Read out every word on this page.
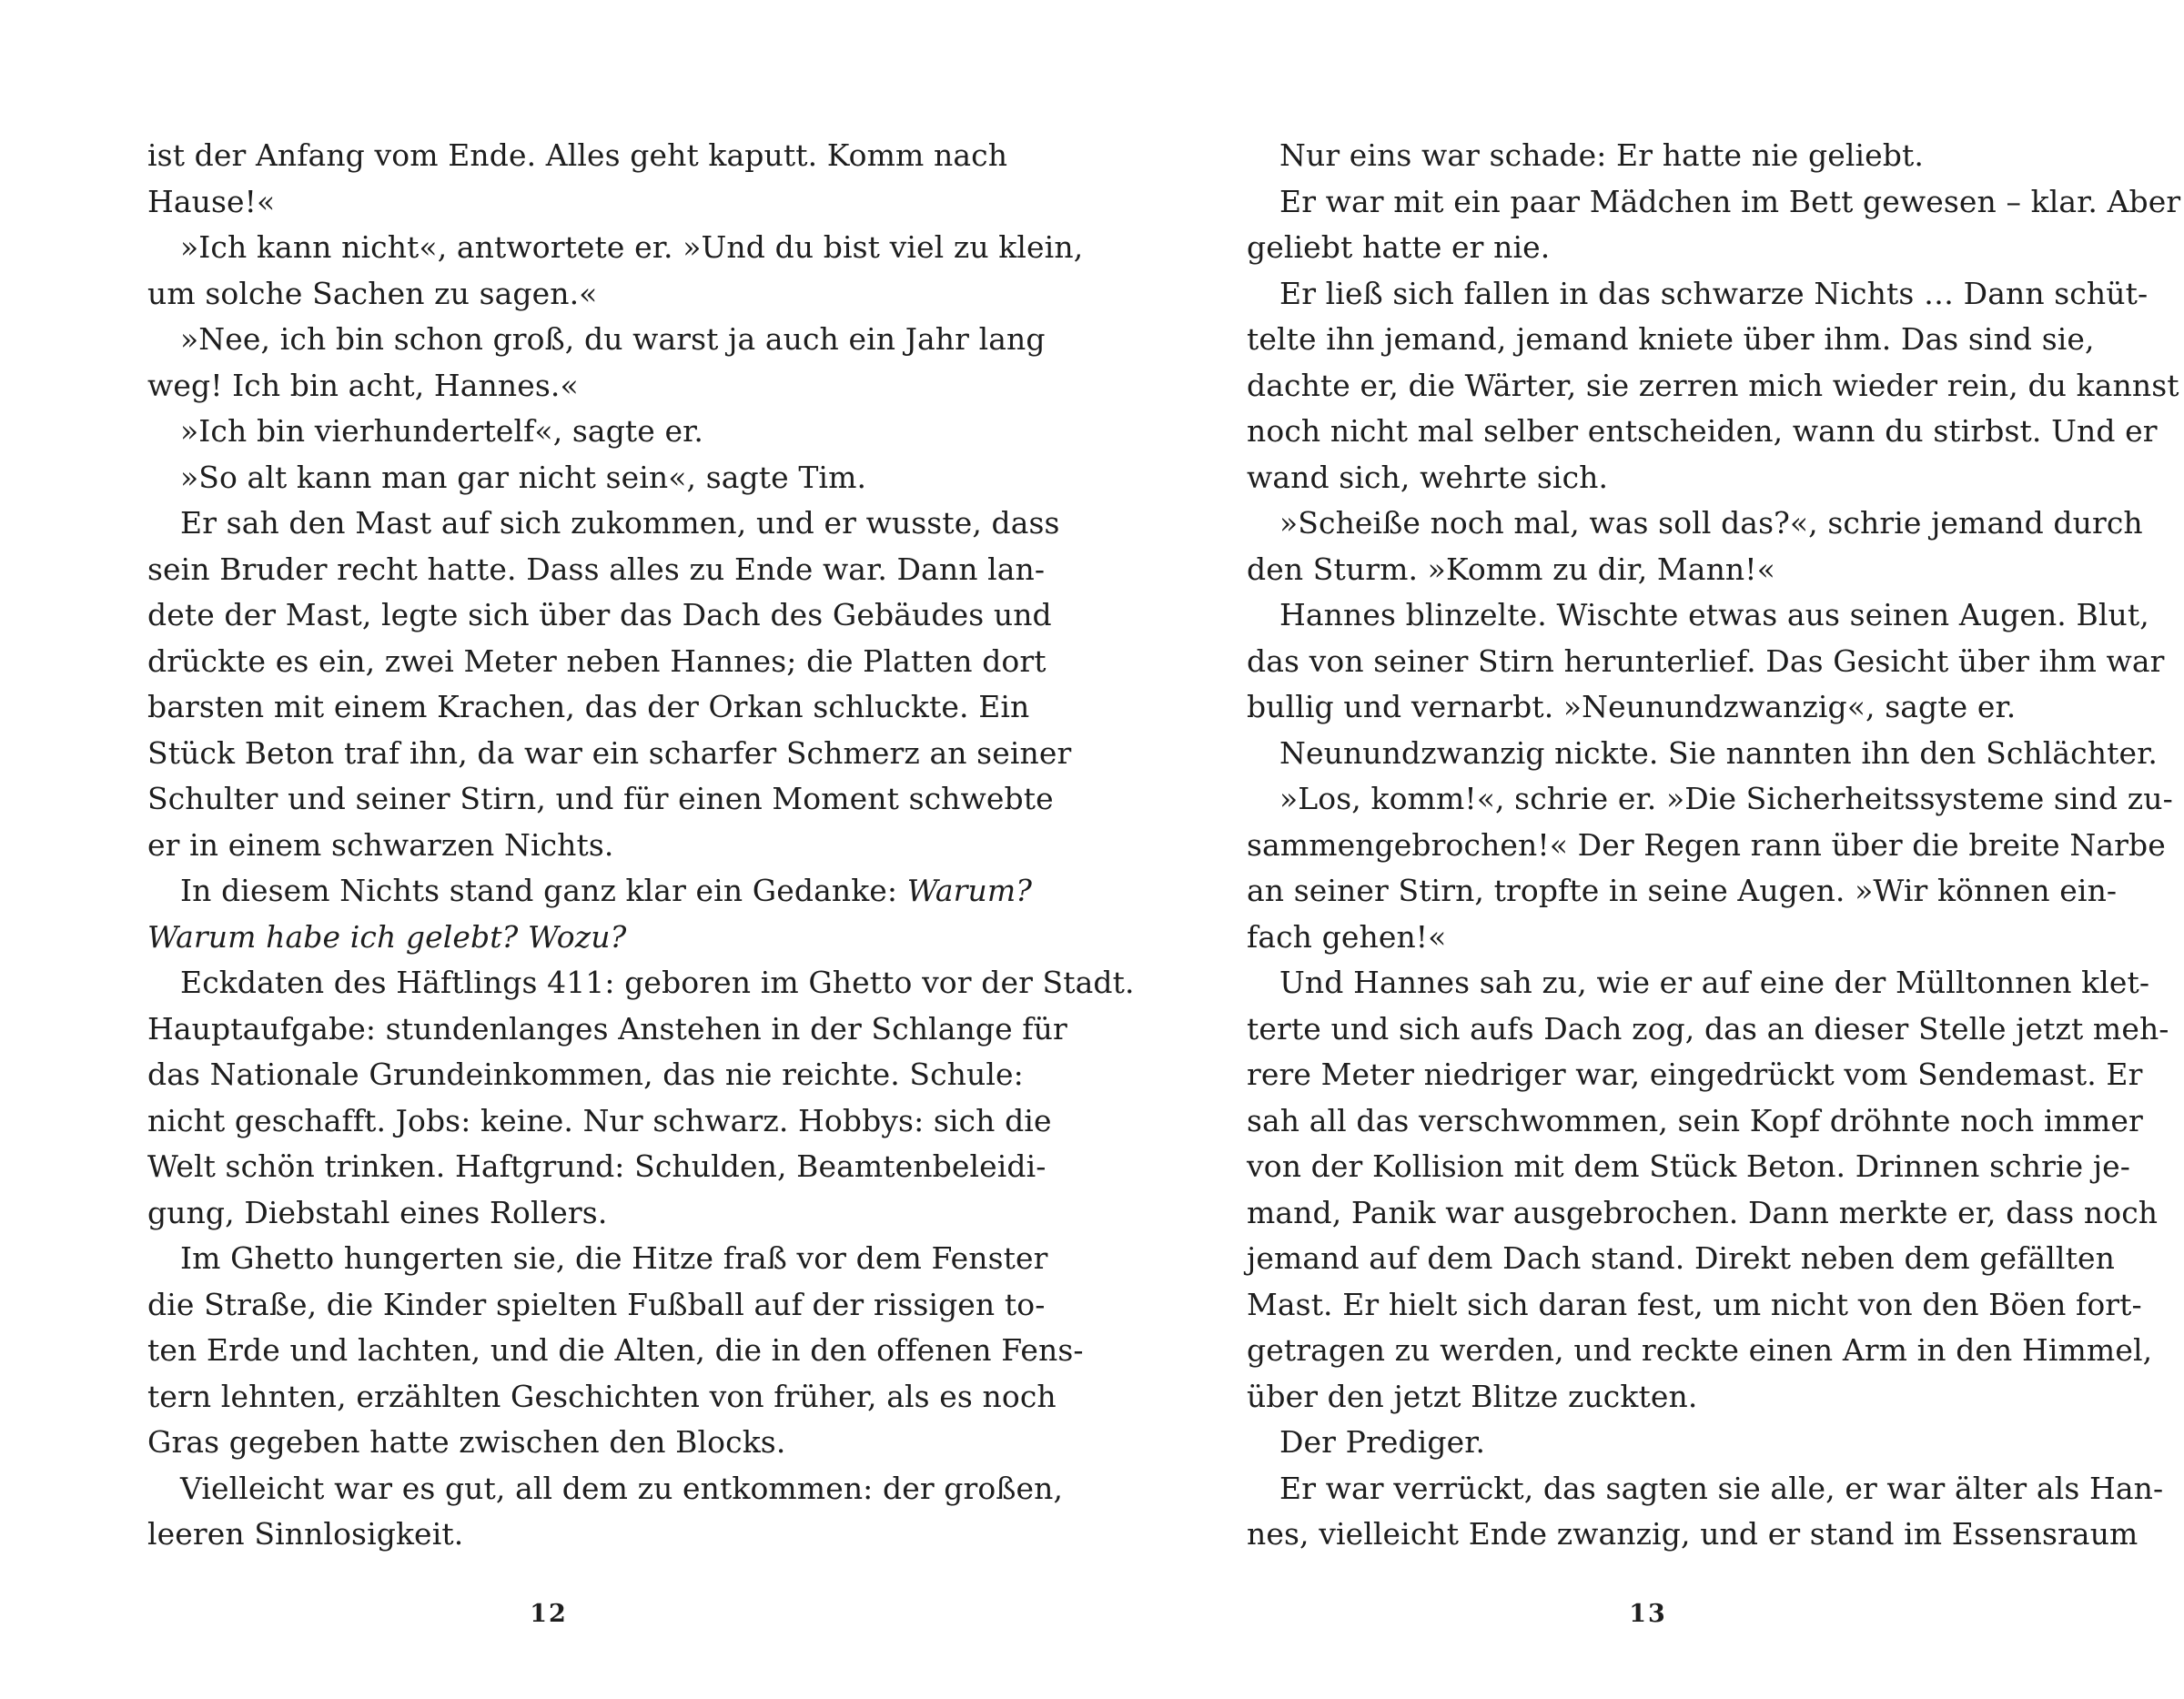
ist der Anfang vom Ende. Alles geht kaputt. Komm nach
Hause!«
»Ich kann nicht«, antwortete er. »Und du bist viel zu klein,
um solche Sachen zu sagen.«
»Nee, ich bin schon groß, du warst ja auch ein Jahr lang
weg! Ich bin acht, Hannes.«
»Ich bin vierhundertelf«, sagte er.
»So alt kann man gar nicht sein«, sagte Tim.
Er sah den Mast auf sich zukommen, und er wusste, dass
sein Bruder recht hatte. Dass alles zu Ende war. Dann lan-
dete der Mast, legte sich über das Dach des Gebäudes und
drückte es ein, zwei Meter neben Hannes; die Platten dort
barsten mit einem Krachen, das der Orkan schluckte. Ein
Stück Beton traf ihn, da war ein scharfer Schmerz an seiner
Schulter und seiner Stirn, und für einen Moment schwebte
er in einem schwarzen Nichts.
In diesem Nichts stand ganz klar ein Gedanke: Warum?
Warum habe ich gelebt? Wozu?
Eckdaten des Häftlings 411: geboren im Ghetto vor der Stadt.
Hauptaufgabe: stundenlanges Anstehen in der Schlange für
das Nationale Grundeinkommen, das nie reichte. Schule:
nicht geschafft. Jobs: keine. Nur schwarz. Hobbys: sich die
Welt schön trinken. Haftgrund: Schulden, Beamtenbeleidi-
gung, Diebstahl eines Rollers.
Im Ghetto hungerten sie, die Hitze fraß vor dem Fenster
die Straße, die Kinder spielten Fußball auf der rissigen to-
ten Erde und lachten, und die Alten, die in den offenen Fens-
tern lehnten, erzählten Geschichten von früher, als es noch
Gras gegeben hatte zwischen den Blocks.
Vielleicht war es gut, all dem zu entkommen: der großen,
leeren Sinnlosigkeit.
Nur eins war schade: Er hatte nie geliebt.
Er war mit ein paar Mädchen im Bett gewesen – klar. Aber
geliebt hatte er nie.
Er ließ sich fallen in das schwarze Nichts … Dann schüt-
telte ihn jemand, jemand kniete über ihm. Das sind sie,
dachte er, die Wärter, sie zerren mich wieder rein, du kannst
noch nicht mal selber entscheiden, wann du stirbst. Und er
wand sich, wehrte sich.
»Scheiße noch mal, was soll das?«, schrie jemand durch
den Sturm. »Komm zu dir, Mann!«
Hannes blinzelte. Wischte etwas aus seinen Augen. Blut,
das von seiner Stirn herunterlief. Das Gesicht über ihm war
bullig und vernarbt. »Neunundzwanzig«, sagte er.
Neunundzwanzig nickte. Sie nannten ihn den Schlächter.
»Los, komm!«, schrie er. »Die Sicherheitssysteme sind zu-
sammengebrochen!« Der Regen rann über die breite Narbe
an seiner Stirn, tropfte in seine Augen. »Wir können ein-
fach gehen!«
Und Hannes sah zu, wie er auf eine der Mülltonnen klet-
terte und sich aufs Dach zog, das an dieser Stelle jetzt meh-
rere Meter niedriger war, eingedrückt vom Sendemast. Er
sah all das verschwommen, sein Kopf dröhnte noch immer
von der Kollision mit dem Stück Beton. Drinnen schrie je-
mand, Panik war ausgebrochen. Dann merkte er, dass noch
jemand auf dem Dach stand. Direkt neben dem gefällten
Mast. Er hielt sich daran fest, um nicht von den Böen fort-
getragen zu werden, und reckte einen Arm in den Himmel,
über den jetzt Blitze zuckten.
Der Prediger.
Er war verrückt, das sagten sie alle, er war älter als Han-
nes, vielleicht Ende zwanzig, und er stand im Essensraum
12	13
